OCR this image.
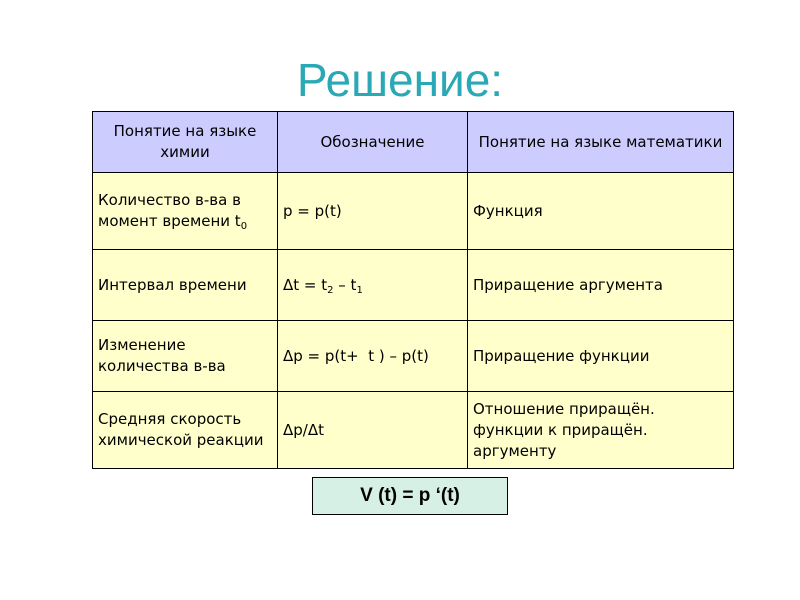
Решение:
Понятие на языке химии	Обозначение	Понятие на языке математики
Количество в-ва в момент времени $t_0$	p = p(t)	Функция
Интервал времени	$\Delta t = t_2 - t_1$	Приращение аргумента
Изменение количества в-ва	Δp = p(t+  t ) – p(t)	Приращение функции
Средняя скорость химической реакции	Δp/Δt	Отношение приращён. функции к приращён. аргументу
V (t) = p ‘(t)
